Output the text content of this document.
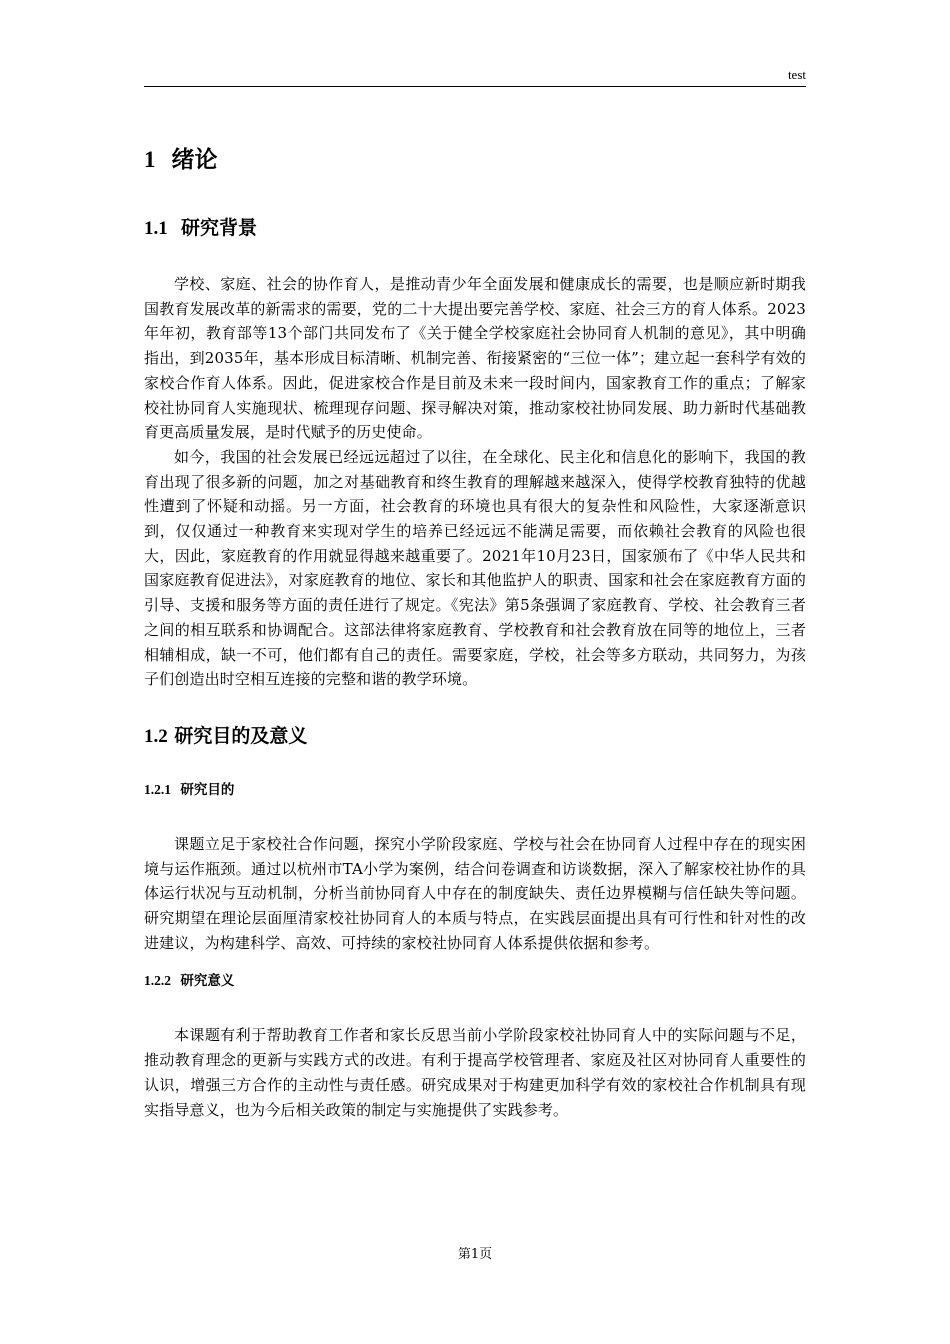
test
1 绪论
1.1 研究背景

学校、家庭、社会的协作育人，是推动青少年全面发展和健康成长的需要，也是顺应新时期我国教育发展改革的新需求的需要，党的二十大提出要完善学校、家庭、社会三方的育人体系。2023年年初，教育部等13个部门共同发布了《关于健全学校家庭社会协同育人机制的意见》，其中明确指出，到2035年，基本形成目标清晰、机制完善、衔接紧密的“三位一体”；建立起一套科学有效的家校合作育人体系。因此，促进家校合作是目前及未来一段时间内，国家教育工作的重点；了解家校社协同育人实施现状、梳理现存问题、探寻解决对策，推动家校社协同发展、助力新时代基础教育更高质量发展，是时代赋予的历史使命。

如今，我国的社会发展已经远远超过了以往，在全球化、民主化和信息化的影响下，我国的教育出现了很多新的问题，加之对基础教育和终生教育的理解越来越深入，使得学校教育独特的优越性遭到了怀疑和动摇。另一方面，社会教育的环境也具有很大的复杂性和风险性，大家逐渐意识到，仅仅通过一种教育来实现对学生的培养已经远远不能满足需要，而依赖社会教育的风险也很大，因此，家庭教育的作用就显得越来越重要了。2021年10月23日，国家颁布了《中华人民共和国家庭教育促进法》，对家庭教育的地位、家长和其他监护人的职责、国家和社会在家庭教育方面的引导、支援和服务等方面的责任进行了规定。《宪法》第5条强调了家庭教育、学校、社会教育三者之间的相互联系和协调配合。这部法律将家庭教育、学校教育和社会教育放在同等的地位上，三者相辅相成，缺一不可，他们都有自己的责任。需要家庭，学校，社会等多方联动，共同努力，为孩子们创造出时空相互连接的完整和谐的教学环境。

1.2 研究目的及意义
1.2.1 研究目的

课题立足于家校社合作问题，探究小学阶段家庭、学校与社会在协同育人过程中存在的现实困境与运作瓶颈。通过以杭州市TA小学为案例，结合问卷调查和访谈数据，深入了解家校社协作的具体运行状况与互动机制，分析当前协同育人中存在的制度缺失、责任边界模糊与信任缺失等问题。研究期望在理论层面厘清家校社协同育人的本质与特点，在实践层面提出具有可行性和针对性的改进建议，为构建科学、高效、可持续的家校社协同育人体系提供依据和参考。

1.2.2 研究意义

本课题有利于帮助教育工作者和家长反思当前小学阶段家校社协同育人中的实际问题与不足，推动教育理念的更新与实践方式的改进。有利于提高学校管理者、家庭及社区对协同育人重要性的认识，增强三方合作的主动性与责任感。研究成果对于构建更加科学有效的家校社合作机制具有现实指导意义，也为今后相关政策的制定与实施提供了实践参考。

第1页
